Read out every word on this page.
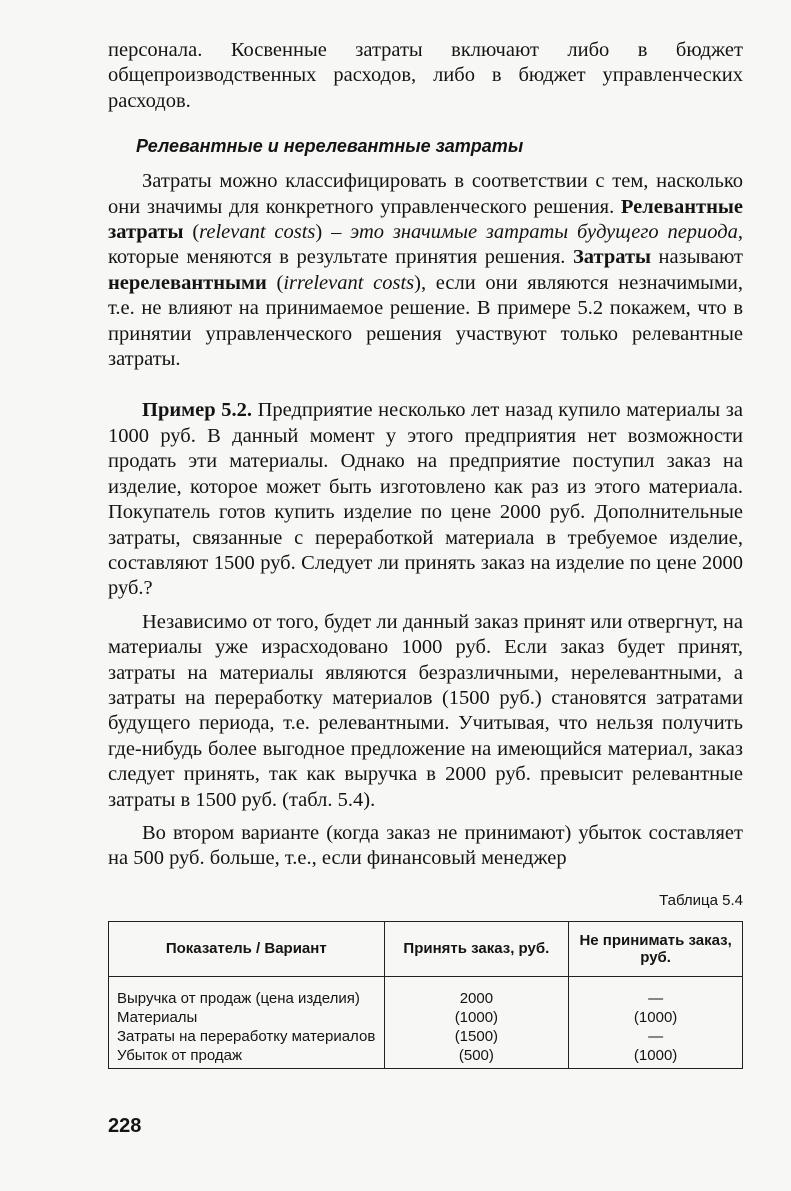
персонала. Косвенные затраты включают либо в бюджет общепроизводственных расходов, либо в бюджет управленческих расходов.

Релевантные и нерелевантные затраты

Затраты можно классифицировать в соответствии с тем, насколько они значимы для конкретного управленческого решения. Релевантные затраты (relevant costs) – это значимые затраты будущего периода, которые меняются в результате принятия решения. Затраты называют нерелевантными (irrelevant costs), если они являются незначимыми, т.е. не влияют на принимаемое решение. В примере 5.2 покажем, что в принятии управленческого решения участвуют только релевантные затраты.

Пример 5.2. Предприятие несколько лет назад купило материалы за 1000 руб. В данный момент у этого предприятия нет возможности продать эти материалы. Однако на предприятие поступил заказ на изделие, которое может быть изготовлено как раз из этого материала. Покупатель готов купить изделие по цене 2000 руб. Дополнительные затраты, связанные с переработкой материала в требуемое изделие, составляют 1500 руб. Следует ли принять заказ на изделие по цене 2000 руб.?

Независимо от того, будет ли данный заказ принят или отвергнут, на материалы уже израсходовано 1000 руб. Если заказ будет принят, затраты на материалы являются безразличными, нерелевантными, а затраты на переработку материалов (1500 руб.) становятся затратами будущего периода, т.е. релевантными. Учитывая, что нельзя получить где-нибудь более выгодное предложение на имеющийся материал, заказ следует принять, так как выручка в 2000 руб. превысит релевантные затраты в 1500 руб. (табл. 5.4).

Во втором варианте (когда заказ не принимают) убыток составляет на 500 руб. больше, т.е., если финансовый менеджер

Таблица 5.4
Показатель / Вариант	Принять заказ, руб.	Не принимать заказ, руб.
Выручка от продаж (цена изделия)	2000	—
Материалы	(1000)	(1000)
Затраты на переработку материалов	(1500)	—
Убыток от продаж	(500)	(1000)
228
